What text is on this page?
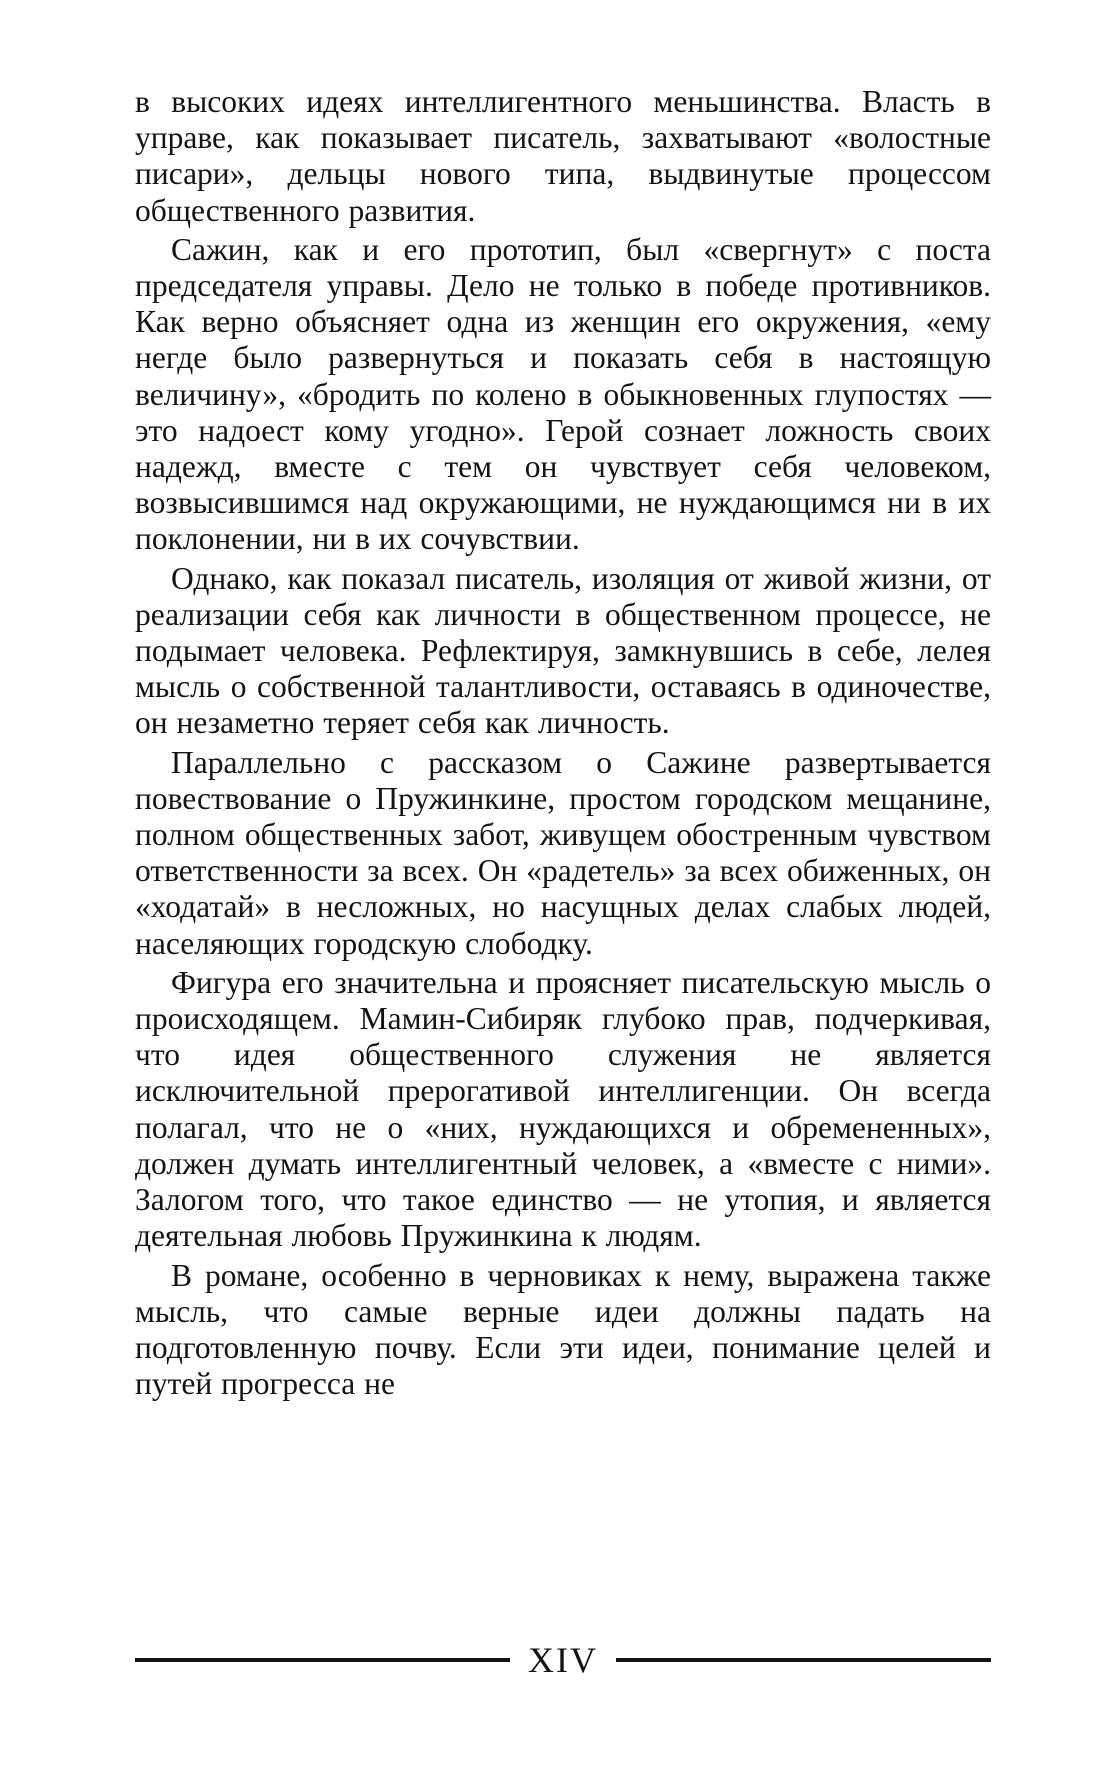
в высоких идеях интеллигентного меньшинства. Власть в управе, как показывает писатель, захватывают «волостные писари», дельцы нового типа, выдвинутые процессом общественного развития.

Сажин, как и его прототип, был «свергнут» с поста председателя управы. Дело не только в победе противников. Как верно объясняет одна из женщин его окружения, «ему негде было развернуться и показать себя в настоящую величину», «бродить по колено в обыкновенных глупостях — это надоест кому угодно». Герой сознает ложность своих надежд, вместе с тем он чувствует себя человеком, возвысившимся над окружающими, не нуждающимся ни в их поклонении, ни в их сочувствии.

Однако, как показал писатель, изоляция от живой жизни, от реализации себя как личности в общественном процессе, не подымает человека. Рефлектируя, замкнувшись в себе, лелея мысль о собственной талантливости, оставаясь в одиночестве, он незаметно теряет себя как личность.

Параллельно с рассказом о Сажине развертывается повествование о Пружинкине, простом городском мещанине, полном общественных забот, живущем обостренным чувством ответственности за всех. Он «радетель» за всех обиженных, он «ходатай» в несложных, но насущных делах слабых людей, населяющих городскую слободку.

Фигура его значительна и проясняет писательскую мысль о происходящем. Мамин-Сибиряк глубоко прав, подчеркивая, что идея общественного служения не является исключительной прерогативой интеллигенции. Он всегда полагал, что не о «них, нуждающихся и обремененных», должен думать интеллигентный человек, а «вместе с ними». Залогом того, что такое единство — не утопия, и является деятельная любовь Пружинкина к людям.

В романе, особенно в черновиках к нему, выражена также мысль, что самые верные идеи должны падать на подготовленную почву. Если эти идеи, понимание целей и путей прогресса не

XIV
